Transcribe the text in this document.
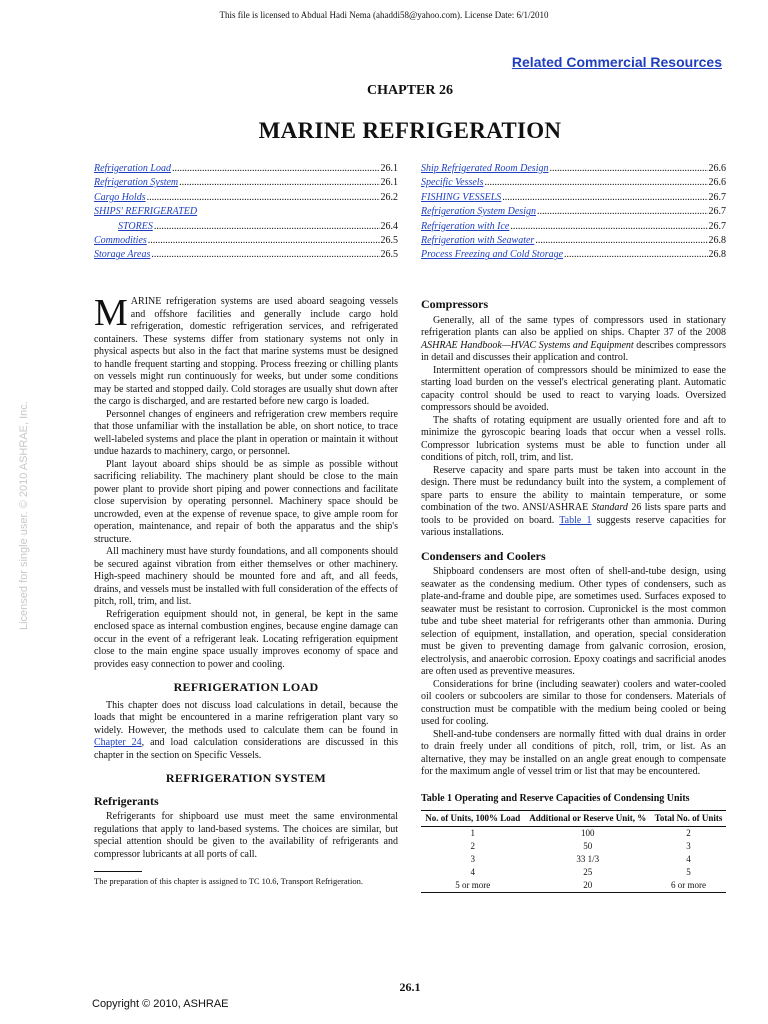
This file is licensed to Abdual Hadi Nema (ahaddi58@yahoo.com). License Date: 6/1/2010
Related Commercial Resources
CHAPTER 26
MARINE REFRIGERATION
Refrigeration Load .....	26.1
Refrigeration System .....	26.1
Cargo Holds .....	26.2
SHIPS' REFRIGERATED
STORES .....	26.4
Commodities .....	26.5
Storage Areas .....	26.5
Ship Refrigerated Room Design .....	26.6
Specific Vessels .....	26.6
FISHING VESSELS .....	26.7
Refrigeration System Design .....	26.7
Refrigeration with Ice .....	26.7
Refrigeration with Seawater .....	26.8
Process Freezing and Cold Storage .....	26.8

MARINE refrigeration systems are used aboard seagoing vessels and offshore facilities and generally include cargo hold refrigeration, domestic refrigeration services, and refrigerated containers. These systems differ from stationary systems not only in physical aspects but also in the fact that marine systems must be designed to handle frequent starting and stopping. Process freezing or chilling plants on vessels might run continuously for weeks, but under some conditions may be started and stopped daily. Cold storages are usually shut down after the cargo is discharged, and are restarted before new cargo is loaded.

Personnel changes of engineers and refrigeration crew members require that those unfamiliar with the installation be able, on short notice, to trace well-labeled systems and place the plant in operation or maintain it without undue hazards to machinery, cargo, or personnel.

Plant layout aboard ships should be as simple as possible without sacrificing reliability. The machinery plant should be close to the main power plant to provide short piping and power connections and facilitate close supervision by operating personnel. Machinery space should be uncrowded, even at the expense of revenue space, to give ample room for operation, maintenance, and repair of both the apparatus and the ship's structure.

All machinery must have sturdy foundations, and all components should be secured against vibration from either themselves or other machinery. High-speed machinery should be mounted fore and aft, and all feeds, drains, and vessels must be installed with full consideration of the effects of pitch, roll, trim, and list.

Refrigeration equipment should not, in general, be kept in the same enclosed space as internal combustion engines, because engine damage can occur in the event of a refrigerant leak. Locating refrigeration equipment close to the main engine space usually improves economy of space and provides easy connection to power and cooling.

REFRIGERATION LOAD

This chapter does not discuss load calculations in detail, because the loads that might be encountered in a marine refrigeration plant vary so widely. However, the methods used to calculate them can be found in Chapter 24, and load calculation considerations are discussed in this chapter in the section on Specific Vessels.

REFRIGERATION SYSTEM
Refrigerants

Refrigerants for shipboard use must meet the same environmental regulations that apply to land-based systems. The choices are similar, but special attention should be given to the availability of refrigerants and compressor lubricants at all ports of call.

The preparation of this chapter is assigned to TC 10.6, Transport Refrigeration.

Compressors

Generally, all of the same types of compressors used in stationary refrigeration plants can also be applied on ships. Chapter 37 of the 2008 ASHRAE Handbook—HVAC Systems and Equipment describes compressors in detail and discusses their application and control.

Intermittent operation of compressors should be minimized to ease the starting load burden on the vessel's electrical generating plant. Automatic capacity control should be used to react to varying loads. Oversized compressors should be avoided.

The shafts of rotating equipment are usually oriented fore and aft to minimize the gyroscopic bearing loads that occur when a vessel rolls. Compressor lubrication systems must be able to function under all conditions of pitch, roll, trim, and list.

Reserve capacity and spare parts must be taken into account in the design. There must be redundancy built into the system, a complement of spare parts to ensure the ability to maintain temperature, or some combination of the two. ANSI/ASHRAE Standard 26 lists spare parts and tools to be provided on board. Table 1 suggests reserve capacities for various installations.

Condensers and Coolers

Shipboard condensers are most often of shell-and-tube design, using seawater as the condensing medium. Other types of condensers, such as plate-and-frame and double pipe, are sometimes used. Surfaces exposed to seawater must be resistant to corrosion. Cupronickel is the most common tube and tube sheet material for refrigerants other than ammonia. During selection of equipment, installation, and operation, special consideration must be given to preventing damage from galvanic corrosion, erosion, electrolysis, and anaerobic corrosion. Epoxy coatings and sacrificial anodes are often used as preventive measures.

Considerations for brine (including seawater) coolers and water-cooled oil coolers or subcoolers are similar to those for condensers. Materials of construction must be compatible with the medium being cooled or being used for cooling.

Shell-and-tube condensers are normally fitted with dual drains in order to drain freely under all conditions of pitch, roll, trim, or list. As an alternative, they may be installed on an angle great enough to compensate for the maximum angle of vessel trim or list that may be encountered.

Table 1 Operating and Reserve Capacities of Condensing Units
No. of Units, 100% Load	Additional or Reserve Unit, %	Total No. of Units
1	100	2
2	50	3
3	33 1/3	4
4	25	5
5 or more	20	6 or more
26.1
Copyright © 2010, ASHRAE
Licensed for single user. © 2010 ASHRAE, Inc.
